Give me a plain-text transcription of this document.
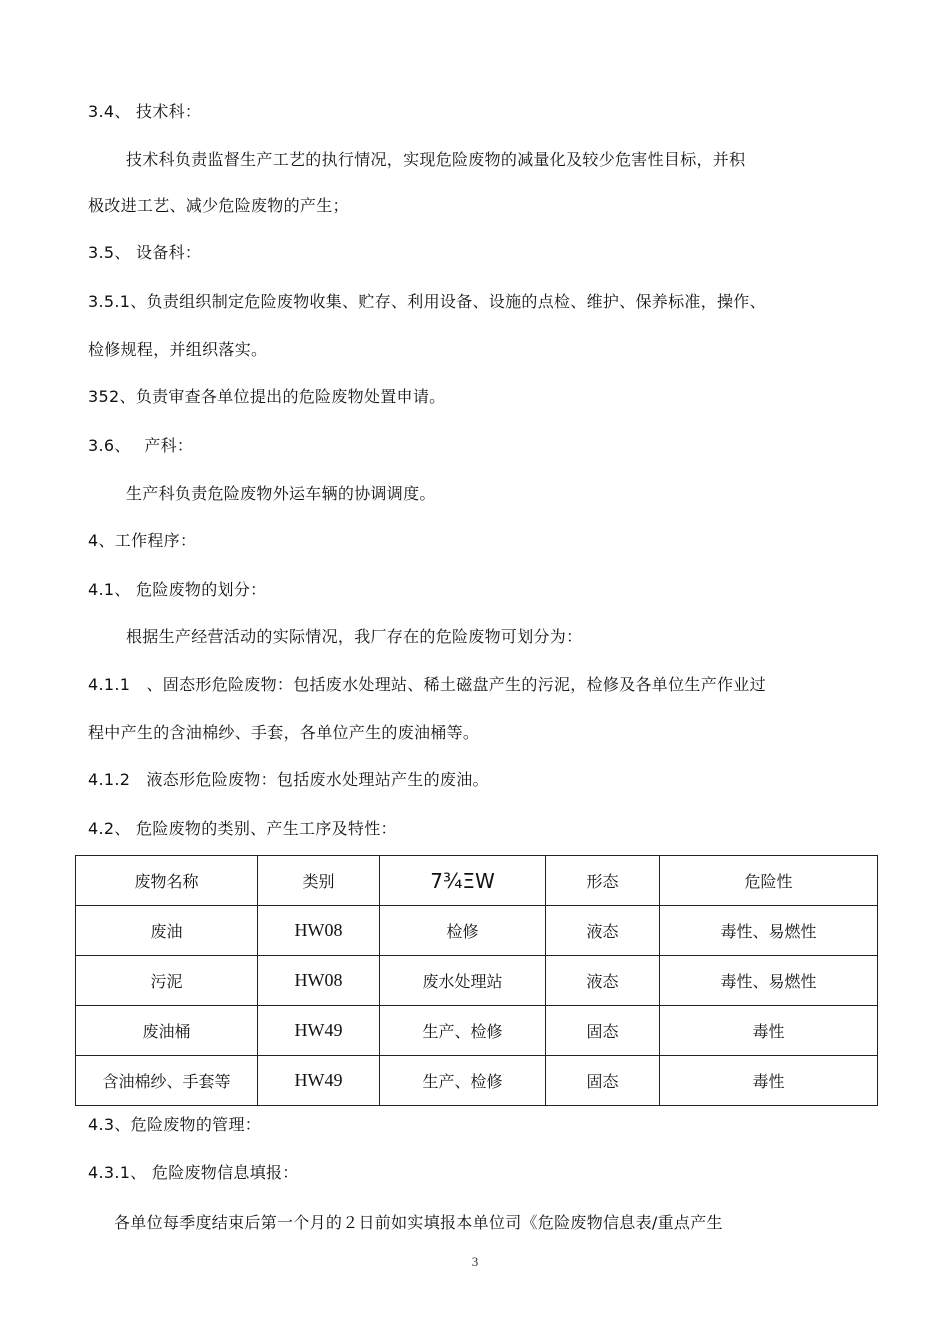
3.4、 技术科：
技术科负责监督生产工艺的执行情况，实现危险废物的减量化及较少危害性目标，并积
极改进工艺、减少危险废物的产生；
3.5、 设备科：
3.5.1、负责组织制定危险废物收集、贮存、利用设备、设施的点检、维护、保养标准，操作、
检修规程，并组织落实。
352、负责审查各单位提出的危险废物处置申请。
3.6、　 产科：
生产科负责危险废物外运车辆的协调调度。
4、工作程序：
4.1、 危险废物的划分：
根据生产经营活动的实际情况，我厂存在的危险废物可划分为：
4.1.1　、固态形危险废物：包括废水处理站、稀土磁盘产生的污泥，检修及各单位生产作业过
程中产生的含油棉纱、手套，各单位产生的废油桶等。
4.1.2　液态形危险废物：包括废水处理站产生的废油。
4.2、 危险废物的类别、产生工序及特性：
废物名称	类别	7¾ΞW	形态	危险性
废油	HW08	检修	液态	毒性、易燃性
污泥	HW08	废水处理站	液态	毒性、易燃性
废油桶	HW49	生产、检修	固态	毒性
含油棉纱、手套等	HW49	生产、检修	固态	毒性
4.3、危险废物的管理：
4.3.1、 危险废物信息填报：
各单位每季度结束后第一个月的２日前如实填报本单位司《危险废物信息表/重点产生
3
